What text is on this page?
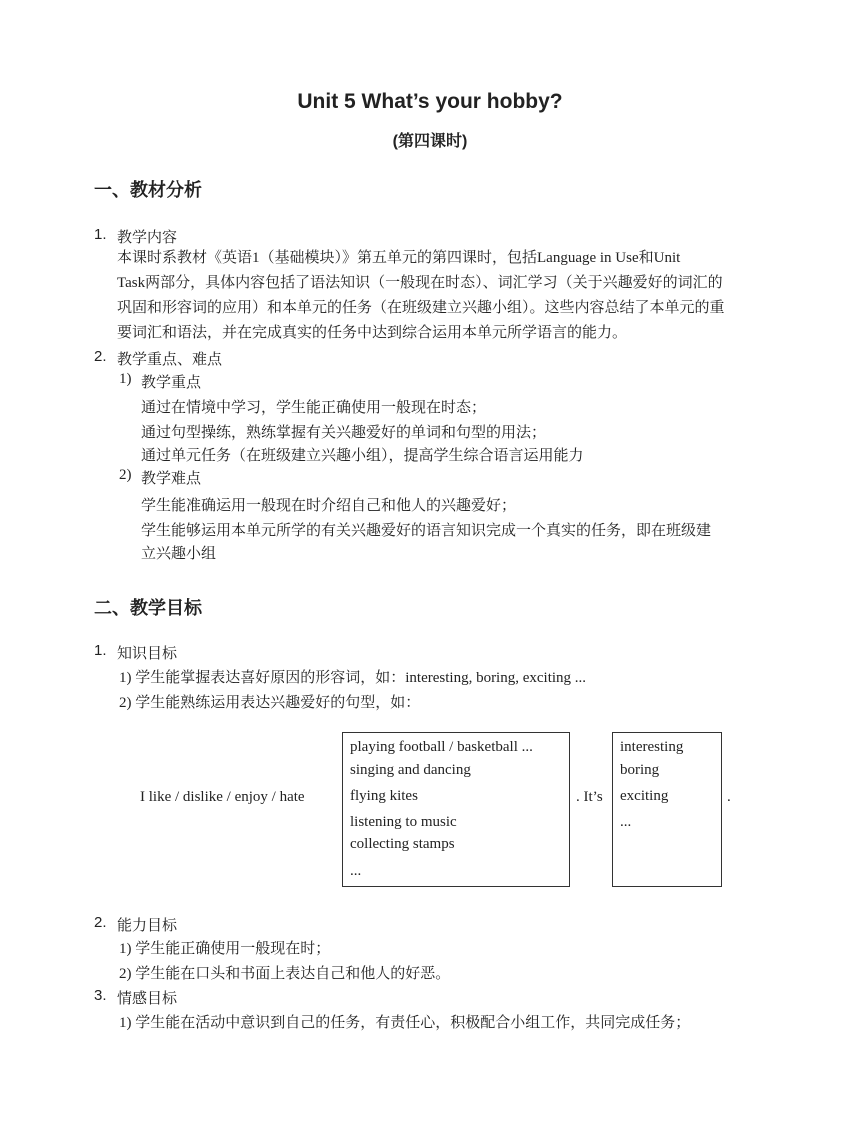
Unit 5 What’s your hobby?
(第四课时)
一、教材分析
1. 教学内容
本课时系教材《英语1（基础模块）》第五单元的第四课时，包括Language in Use和Unit
Task两部分，具体内容包括了语法知识（一般现在时态）、词汇学习（关于兴趣爱好的词汇的
巩固和形容词的应用）和本单元的任务（在班级建立兴趣小组）。这些内容总结了本单元的重
要词汇和语法，并在完成真实的任务中达到综合运用本单元所学语言的能力。
2. 教学重点、难点
1) 教学重点
通过在情境中学习，学生能正确使用一般现在时态；
通过句型操练，熟练掌握有关兴趣爱好的单词和句型的用法；
通过单元任务（在班级建立兴趣小组），提高学生综合语言运用能力
2) 教学难点
学生能准确运用一般现在时介绍自己和他人的兴趣爱好；
学生能够运用本单元所学的有关兴趣爱好的语言知识完成一个真实的任务，即在班级建
立兴趣小组
二、教学目标
1. 知识目标
1) 学生能掌握表达喜好原因的形容词，如：interesting, boring, exciting ...
2) 学生能熟练运用表达兴趣爱好的句型，如：
I like / dislike / enjoy / hate
playing football / basketball ...
singing and dancing
flying kites
listening to music
collecting stamps
...
. It’s
interesting
boring
exciting
...
.
2. 能力目标
1) 学生能正确使用一般现在时；
2) 学生能在口头和书面上表达自己和他人的好恶。
3. 情感目标
1) 学生能在活动中意识到自己的任务，有责任心，积极配合小组工作，共同完成任务；
